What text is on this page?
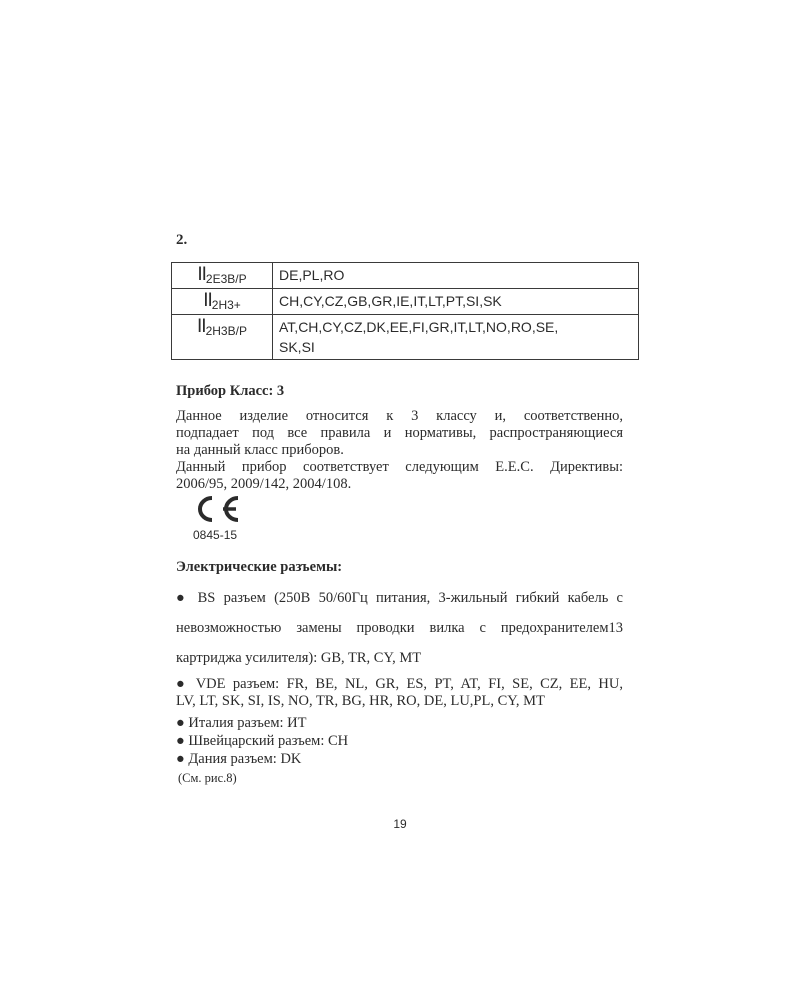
2.
II2E3B/P	DE,PL,RO
II2H3+	CH,CY,CZ,GB,GR,IE,IT,LT,PT,SI,SK
II2H3B/P	AT,CH,CY,CZ,DK,EE,FI,GR,IT,LT,NO,RO,SE,
SK,SI
Прибор Класс: 3
Данное изделие относится к 3 классу и, соответственно,
подпадает под все правила и нормативы, распространяющиеся
на данный класс приборов.
Данный прибор соответствует следующим E.E.C. Директивы:
2006/95, 2009/142, 2004/108.
0845-15
Электрические разъемы:
● BS разъем (250В 50/60Гц питания, 3-жильный гибкий кабель с
невозможностью замены проводки вилка с предохранителем13
картриджа усилителя): GB, TR, CY, MT
● VDE разъем: FR, BE, NL, GR, ES, PT, AT, FI, SE, CZ, EE, HU,
LV, LT, SK, SI, IS, NO, TR, BG, HR, RO, DE, LU,PL, CY, MT
● Италия разъем: ИТ
● Швейцарский разъем: CH
● Дания разъем: DK
(См. рис.8)
19
